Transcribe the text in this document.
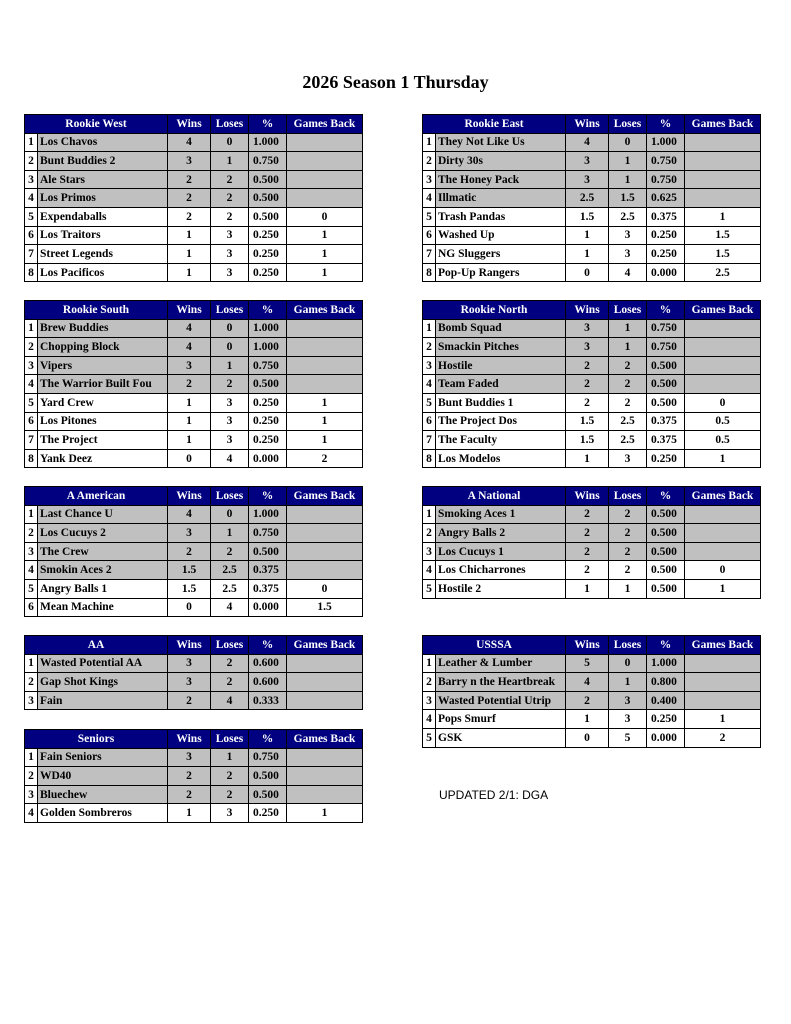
2026 Season 1 Thursday
Rookie West		Wins	Loses	%	Games Back
1	Los Chavos	4	0	1.000	
2	Bunt Buddies 2	3	1	0.750	
3	Ale Stars	2	2	0.500	
4	Los Primos	2	2	0.500	
5	Expendaballs	2	2	0.500	0
6	Los Traitors	1	3	0.250	1
7	Street Legends	1	3	0.250	1
8	Los Pacificos	1	3	0.250	1
Rookie East		Wins	Loses	%	Games Back
1	They Not Like Us	4	0	1.000	
2	Dirty 30s	3	1	0.750	
3	The Honey Pack	3	1	0.750	
4	Illmatic	2.5	1.5	0.625	
5	Trash Pandas	1.5	2.5	0.375	1
6	Washed Up	1	3	0.250	1.5
7	NG Sluggers	1	3	0.250	1.5
8	Pop-Up Rangers	0	4	0.000	2.5
Rookie South		Wins	Loses	%	Games Back
1	Brew Buddies	4	0	1.000	
2	Chopping Block	4	0	1.000	
3	Vipers	3	1	0.750	
4	The Warrior Built Fou	2	2	0.500	
5	Yard Crew	1	3	0.250	1
6	Los Pitones	1	3	0.250	1
7	The Project	1	3	0.250	1
8	Yank Deez	0	4	0.000	2
Rookie North		Wins	Loses	%	Games Back
1	Bomb Squad	3	1	0.750	
2	Smackin Pitches	3	1	0.750	
3	Hostile	2	2	0.500	
4	Team Faded	2	2	0.500	
5	Bunt Buddies 1	2	2	0.500	0
6	The Project Dos	1.5	2.5	0.375	0.5
7	The Faculty	1.5	2.5	0.375	0.5
8	Los Modelos	1	3	0.250	1
A American		Wins	Loses	%	Games Back
1	Last Chance U	4	0	1.000	
2	Los Cucuys 2	3	1	0.750	
3	The Crew	2	2	0.500	
4	Smokin Aces 2	1.5	2.5	0.375	
5	Angry Balls 1	1.5	2.5	0.375	0
6	Mean Machine	0	4	0.000	1.5
A National		Wins	Loses	%	Games Back
1	Smoking Aces 1	2	2	0.500	
2	Angry Balls 2	2	2	0.500	
3	Los Cucuys 1	2	2	0.500	
4	Los Chicharrones	2	2	0.500	0
5	Hostile 2	1	1	0.500	1
AA		Wins	Loses	%	Games Back
1	Wasted Potential AA	3	2	0.600	
2	Gap Shot Kings	3	2	0.600	
3	Fain	2	4	0.333	
USSSA		Wins	Loses	%	Games Back
1	Leather & Lumber	5	0	1.000	
2	Barry n the Heartbreak	4	1	0.800	
3	Wasted Potential Utrip	2	3	0.400	
4	Pops Smurf	1	3	0.250	1
5	GSK	0	5	0.000	2
Seniors		Wins	Loses	%	Games Back
1	Fain Seniors	3	1	0.750	
2	WD40	2	2	0.500	
3	Bluechew	2	2	0.500	
4	Golden Sombreros	1	3	0.250	1
UPDATED 2/1: DGA
